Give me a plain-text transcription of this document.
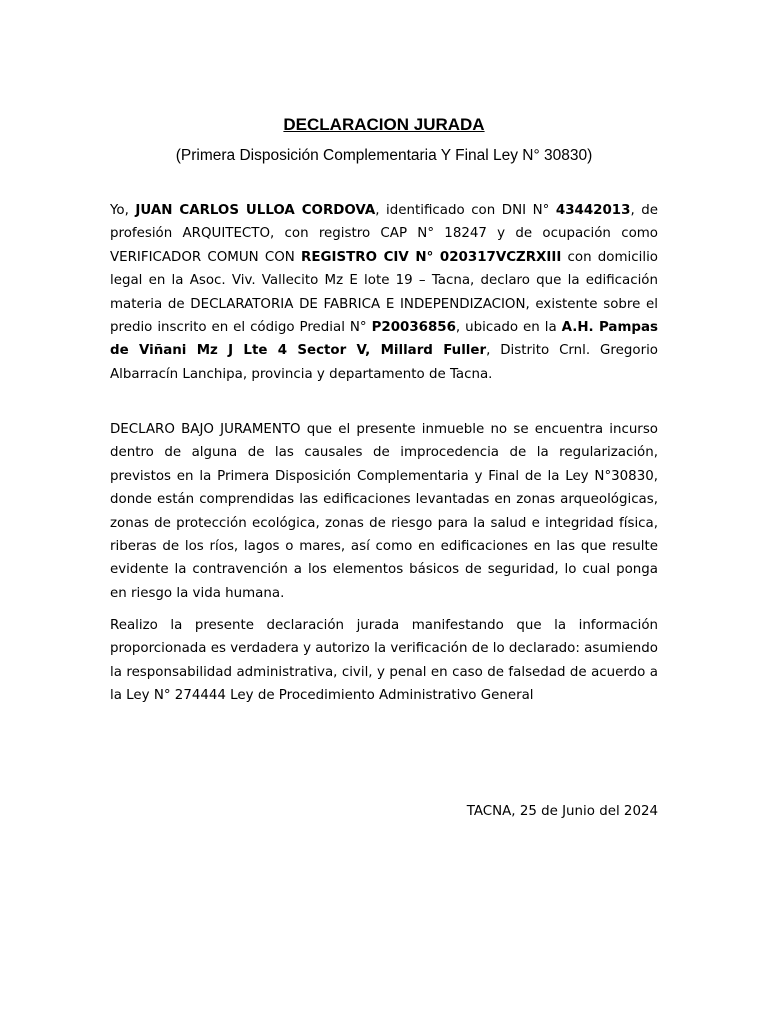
DECLARACION JURADA

(Primera Disposición Complementaria Y Final Ley N° 30830)

Yo, JUAN CARLOS ULLOA CORDOVA, identificado con DNI N° 43442013, de profesión ARQUITECTO, con registro CAP N° 18247 y de ocupación como VERIFICADOR COMUN CON REGISTRO CIV N° 020317VCZRXIII con domicilio legal en la Asoc. Viv. Vallecito Mz E lote 19 – Tacna, declaro que la edificación materia de DECLARATORIA DE FABRICA E INDEPENDIZACION, existente sobre el predio inscrito en el código Predial N° P20036856, ubicado en la A.H. Pampas de Viñani Mz J Lte 4 Sector V, Millard Fuller, Distrito Crnl. Gregorio Albarracín Lanchipa, provincia y departamento de Tacna.

DECLARO BAJO JURAMENTO que el presente inmueble no se encuentra incurso dentro de alguna de las causales de improcedencia de la regularización, previstos en la Primera Disposición Complementaria y Final de la Ley N°30830, donde están comprendidas las edificaciones levantadas en zonas arqueológicas, zonas de protección ecológica, zonas de riesgo para la salud e integridad física, riberas de los ríos, lagos o mares, así como en edificaciones en las que resulte evidente la contravención a los elementos básicos de seguridad, lo cual ponga en riesgo la vida humana.

Realizo la presente declaración jurada manifestando que la información proporcionada es verdadera y autorizo la verificación de lo declarado: asumiendo la responsabilidad administrativa, civil, y penal en caso de falsedad de acuerdo a la Ley N° 274444 Ley de Procedimiento Administrativo General

TACNA, 25 de Junio del 2024
